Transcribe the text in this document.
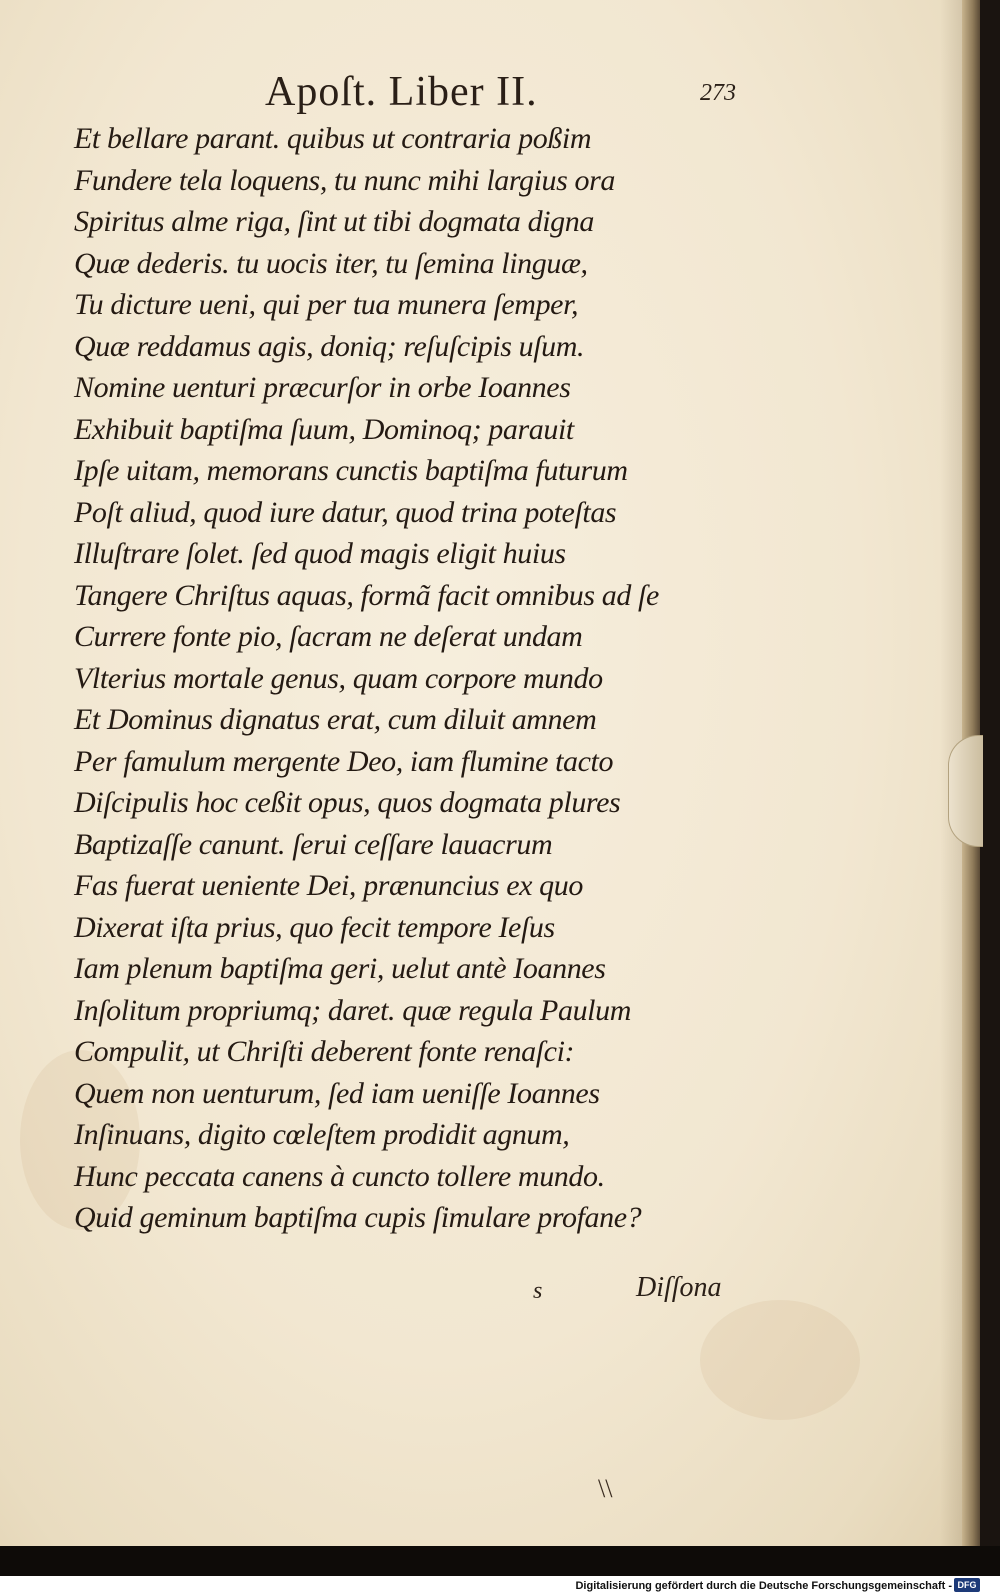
Apoſt. Liber II.	273
Et bellare parant. quibus ut contraria poßim
Fundere tela loquens, tu nunc mihi largius ora
Spiritus alme riga, ſint ut tibi dogmata digna
Quæ dederis. tu uocis iter, tu ſemina linguæ,
Tu dicture ueni, qui per tua munera ſemper,
Quæ reddamus agis, doniq; reſuſcipis uſum.
Nomine uenturi præcurſor in orbe Ioannes
Exhibuit baptiſma ſuum, Dominoq; parauit
Ipſe uitam, memorans cunctis baptiſma futurum
Poſt aliud, quod iure datur, quod trina poteſtas
Illuſtrare ſolet. ſed quod magis eligit huius
Tangere Chriſtus aquas, formã facit omnibus ad ſe
Currere fonte pio, ſacram ne deſerat undam
Vlterius mortale genus, quam corpore mundo
Et Dominus dignatus erat, cum diluit amnem
Per famulum mergente Deo, iam flumine tacto
Diſcipulis hoc ceßit opus, quos dogmata plures
Baptizaſſe canunt. ſerui ceſſare lauacrum
Fas fuerat ueniente Dei, prænuncius ex quo
Dixerat iſta prius, quo fecit tempore Ieſus
Iam plenum baptiſma geri, uelut antè Ioannes
Inſolitum propriumq; daret. quæ regula Paulum
Compulit, ut Chriſti deberent fonte renaſci:
Quem non uenturum, ſed iam ueniſſe Ioannes
Inſinuans, digito cœleſtem prodidit agnum,
Hunc peccata canens à cuncto tollere mundo.
Quid geminum baptiſma cupis ſimulare profane?
s	Diſſona
\\
Digitalisierung gefördert durch die Deutsche Forschungsgemeinschaft - DFG
